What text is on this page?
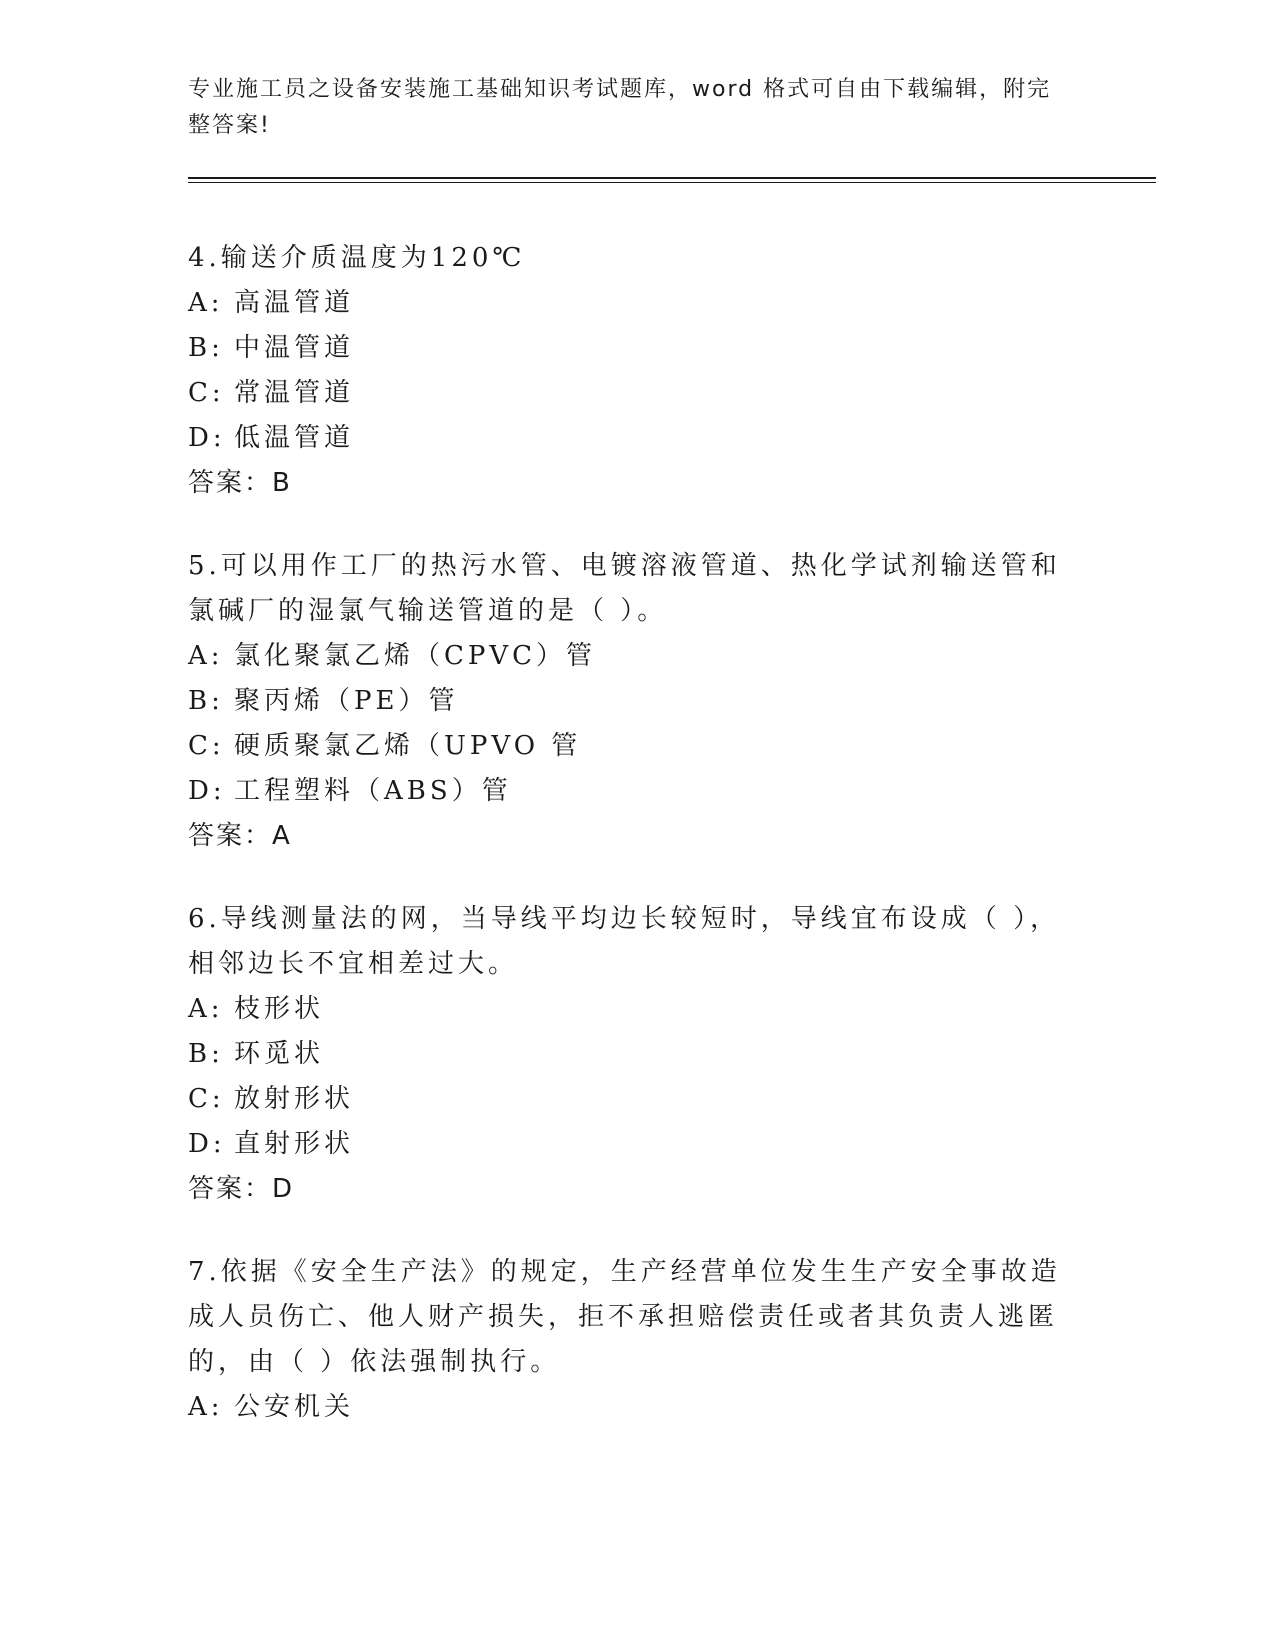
专业施工员之设备安装施工基础知识考试题库，word 格式可自由下载编辑，附完整答案!

4.输送介质温度为120℃

A: 高温管道

B: 中温管道

C: 常温管道

D: 低温管道

答案：B

5.可以用作工厂的热污水管、电镀溶液管道、热化学试剂输送管和氯碱厂的湿氯气输送管道的是（ ）。

A: 氯化聚氯乙烯（CPVC）管

B: 聚丙烯（PE）管

C: 硬质聚氯乙烯（UPVO 管

D: 工程塑料（ABS）管

答案：A

6.导线测量法的网，当导线平均边长较短时，导线宜布设成（ ），相邻边长不宜相差过大。

A: 枝形状

B: 环觅状

C: 放射形状

D: 直射形状

答案：D

7.依据《安全生产法》的规定，生产经营单位发生生产安全事故造成人员伤亡、他人财产损失，拒不承担赔偿责任或者其负责人逃匿的，由（ ）依法强制执行。

A: 公安机关
